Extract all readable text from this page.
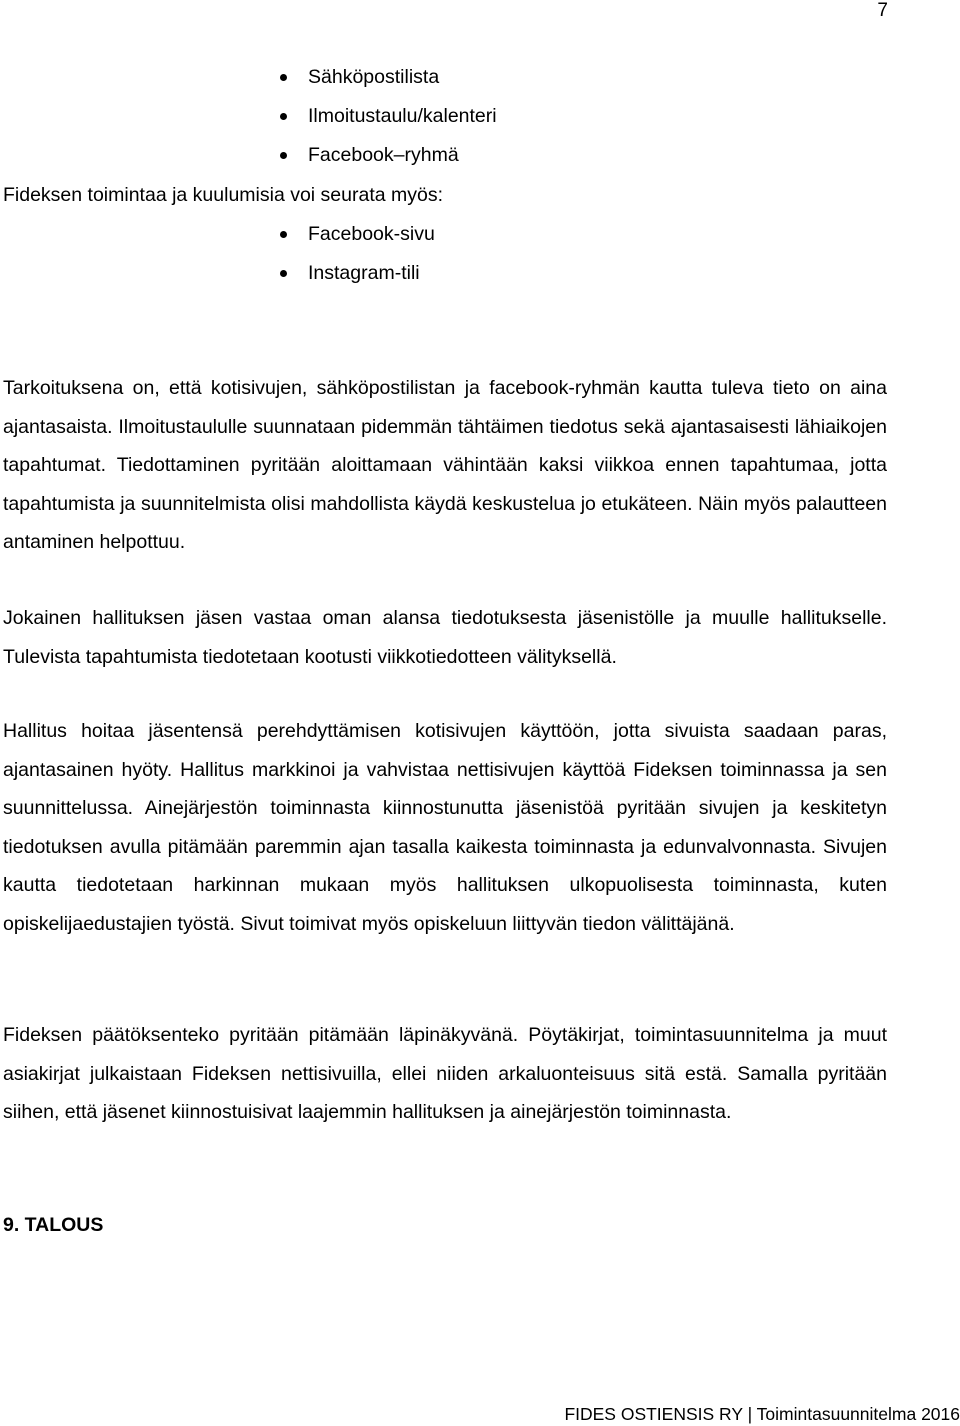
7
Sähköpostilista
Ilmoitustaulu/kalenteri
Facebook–ryhmä
Fideksen toimintaa ja kuulumisia voi seurata myös:
Facebook-sivu
Instagram-tili

Tarkoituksena on, että kotisivujen, sähköpostilistan ja facebook-ryhmän kautta tuleva tieto on aina ajantasaista. Ilmoitustaululle suunnataan pidemmän tähtäimen tiedotus sekä ajantasaisesti lähiaikojen tapahtumat. Tiedottaminen pyritään aloittamaan vähintään kaksi viikkoa ennen tapahtumaa, jotta tapahtumista ja suunnitelmista olisi mahdollista käydä keskustelua jo etukäteen. Näin myös palautteen antaminen helpottuu.

Jokainen hallituksen jäsen vastaa oman alansa tiedotuksesta jäsenistölle ja muulle hallitukselle. Tulevista tapahtumista tiedotetaan kootusti viikkotiedotteen välityksellä.

Hallitus hoitaa jäsentensä perehdyttämisen kotisivujen käyttöön, jotta sivuista saadaan paras, ajantasainen hyöty. Hallitus markkinoi ja vahvistaa nettisivujen käyttöä Fideksen toiminnassa ja sen suunnittelussa. Ainejärjestön toiminnasta kiinnostunutta jäsenistöä pyritään sivujen ja keskitetyn tiedotuksen avulla pitämään paremmin ajan tasalla kaikesta toiminnasta ja edunvalvonnasta. Sivujen kautta tiedotetaan harkinnan mukaan myös hallituksen ulkopuolisesta toiminnasta, kuten opiskelijaedustajien työstä. Sivut toimivat myös opiskeluun liittyvän tiedon välittäjänä.

Fideksen päätöksenteko pyritään pitämään läpinäkyvänä. Pöytäkirjat, toimintasuunnitelma ja muut asiakirjat julkaistaan Fideksen nettisivuilla, ellei niiden arkaluonteisuus sitä estä. Samalla pyritään siihen, että jäsenet kiinnostuisivat laajemmin hallituksen ja ainejärjestön toiminnasta.

9. TALOUS
FIDES OSTIENSIS RY | Toimintasuunnitelma 2016
